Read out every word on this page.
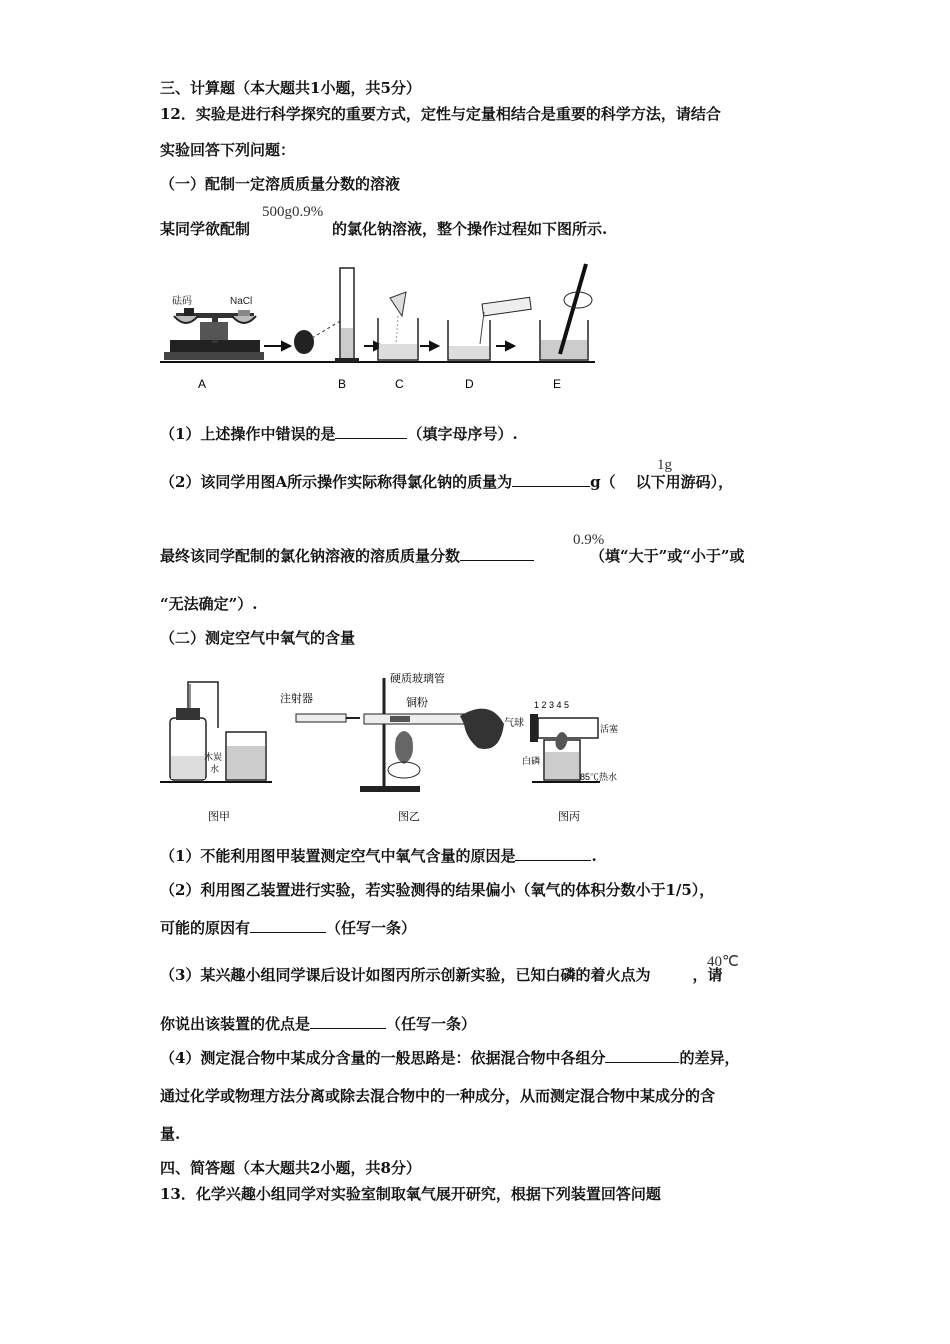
三、计算题（本大题共1小题，共5分）
12．实验是进行科学探究的重要方式，定性与定量相结合是重要的科学方法，请结合
实验回答下列问题：
（一）配制一定溶质质量分数的溶液
某同学欲配制	的氯化钠溶液，整个操作过程如下图所示.
500g0.9%
砝码	NaCl
A	B	C	D	E
（1）上述操作中错误的是	（填字母序号）.
（2）该同学用图A所示操作实际称得氯化钠的质量为	g（ 以下用游码），
1g
最终该同学配制的氯化钠溶液的溶质质量分数	（填“大于”或“小于”或
0.9%
“无法确定”）.
（二）测定空气中氧气的含量
木炭
水
图甲
注射器
硬质玻璃管
铜粉
气球
图乙
1 2 3 4 5
活塞
白磷
85℃热水
图丙
（1）不能利用图甲装置测定空气中氧气含量的原因是	.
（2）利用图乙装置进行实验，若实验测得的结果偏小（氧气的体积分数小于1/5），
可能的原因有	（任写一条）
（3）某兴趣小组同学课后设计如图丙所示创新实验，已知白磷的着火点为	，请
40℃
你说出该装置的优点是	（任写一条）
（4）测定混合物中某成分含量的一般思路是：依据混合物中各组分	的差异，
通过化学或物理方法分离或除去混合物中的一种成分，从而测定混合物中某成分的含
量.
四、简答题（本大题共2小题，共8分）
13．化学兴趣小组同学对实验室制取氧气展开研究，根据下列装置回答问题
